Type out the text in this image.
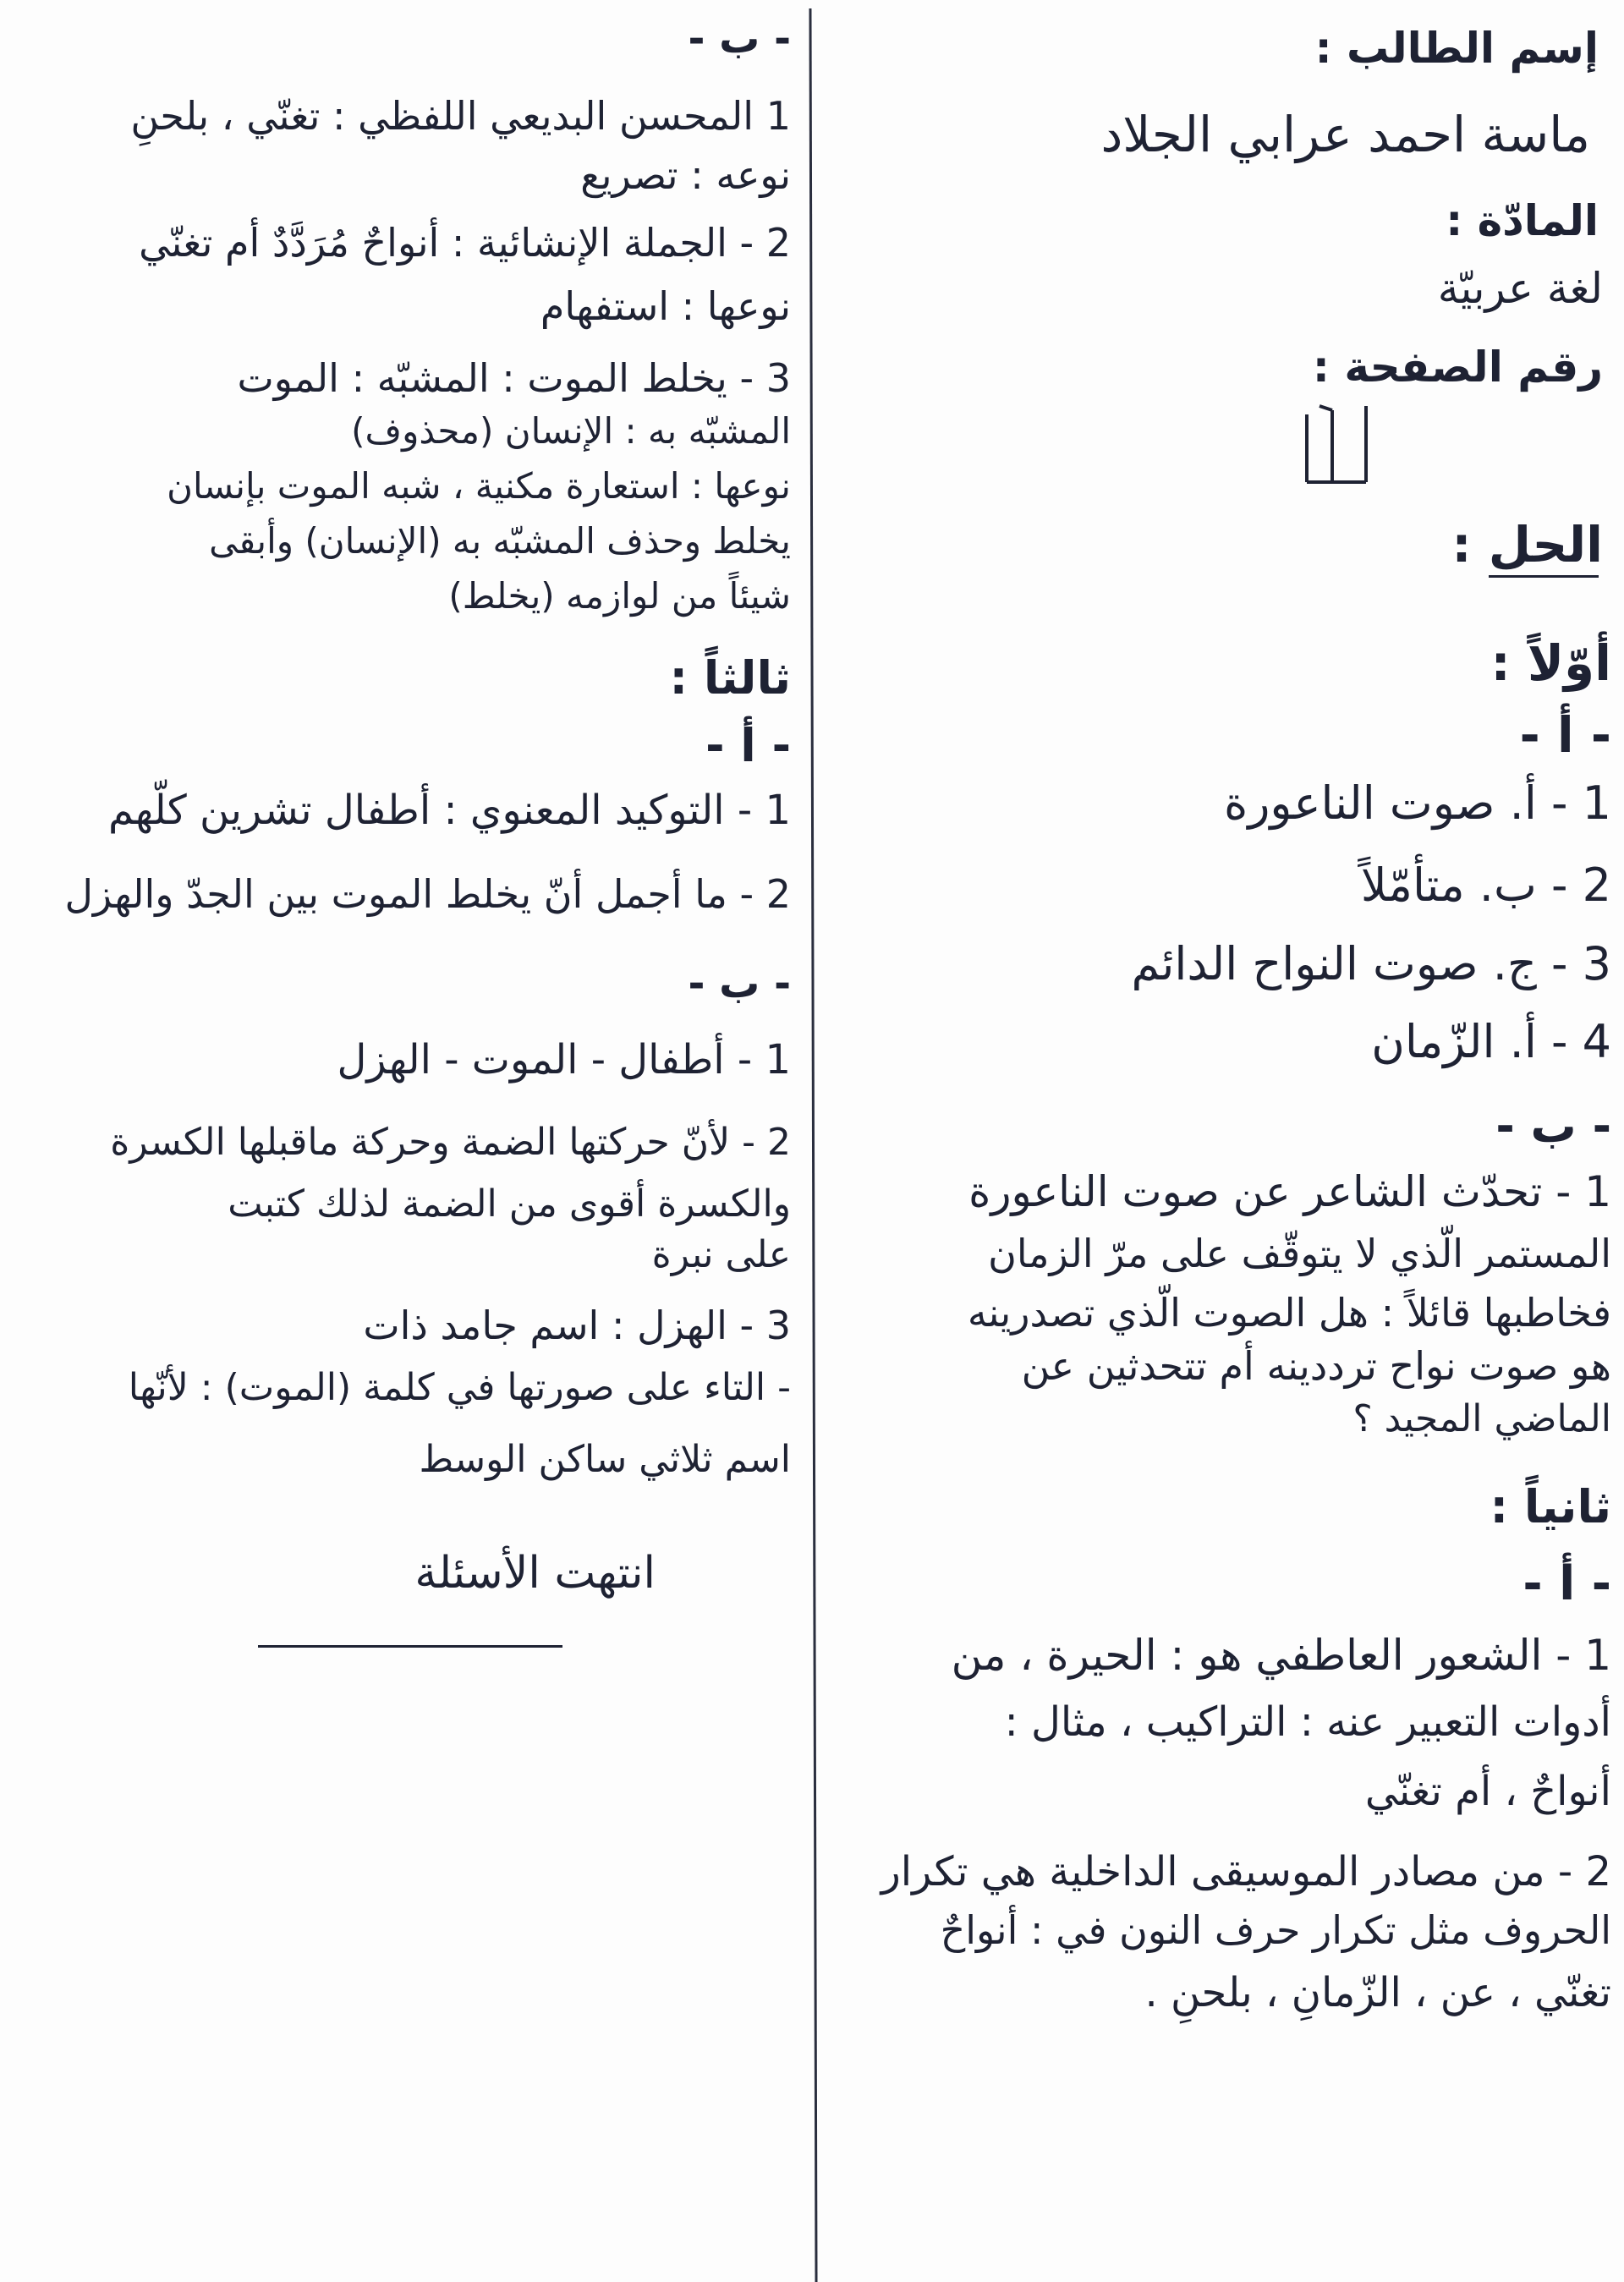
إسم الطالب :
ماسة احمد عرابي الجلاد
المادّة :
لغة عربيّة
رقم الصفحة :
الحل :
أوّلاً :
- أ -
1 - أ. صوت الناعورة
2 - ب. متأمّلاً
3 - ج. صوت النواح الدائم
4 - أ. الزّمان
- ب -
1 - تحدّث الشاعر عن صوت الناعورة
المستمر الّذي لا يتوقّف على مرّ الزمان
فخاطبها قائلاً : هل الصوت الّذي تصدرينه
هو صوت نواح ترددينه أم تتحدثين عن
الماضي المجيد ؟
ثانياً :
- أ -
1 - الشعور العاطفي هو : الحيرة ، من
أدوات التعبير عنه : التراكيب ، مثال :
أنواحٌ ، أم تغنّي
2 - من مصادر الموسيقى الداخلية هي تكرار
الحروف مثل تكرار حرف النون في : أنواحٌ
تغنّي ، عن ، الزّمانِ ، بلحنِ .
- ب -
1 المحسن البديعي اللفظي : تغنّي ، بلحنِ
نوعه : تصريع
2 - الجملة الإنشائية : أنواحٌ مُرَدَّدٌ أم تغنّي
نوعها : استفهام
3 - يخلط الموت : المشبّه : الموت
المشبّه به : الإنسان (محذوف)
نوعها : استعارة مكنية ، شبه الموت بإنسان
يخلط وحذف المشبّه به (الإنسان) وأبقى
شيئاً من لوازمه (يخلط)
ثالثاً :
- أ -
1 - التوكيد المعنوي : أطفال تشرين كلّهم
2 - ما أجمل أنّ يخلط الموت بين الجدّ والهزل
- ب -
1 - أطفال - الموت - الهزل
2 - لأنّ حركتها الضمة وحركة ماقبلها الكسرة
والكسرة أقوى من الضمة لذلك كتبت
على نبرة
3 - الهزل : اسم جامد ذات
- التاء على صورتها في كلمة (الموت) : لأنّها
اسم ثلاثي ساكن الوسط
انتهت الأسئلة
